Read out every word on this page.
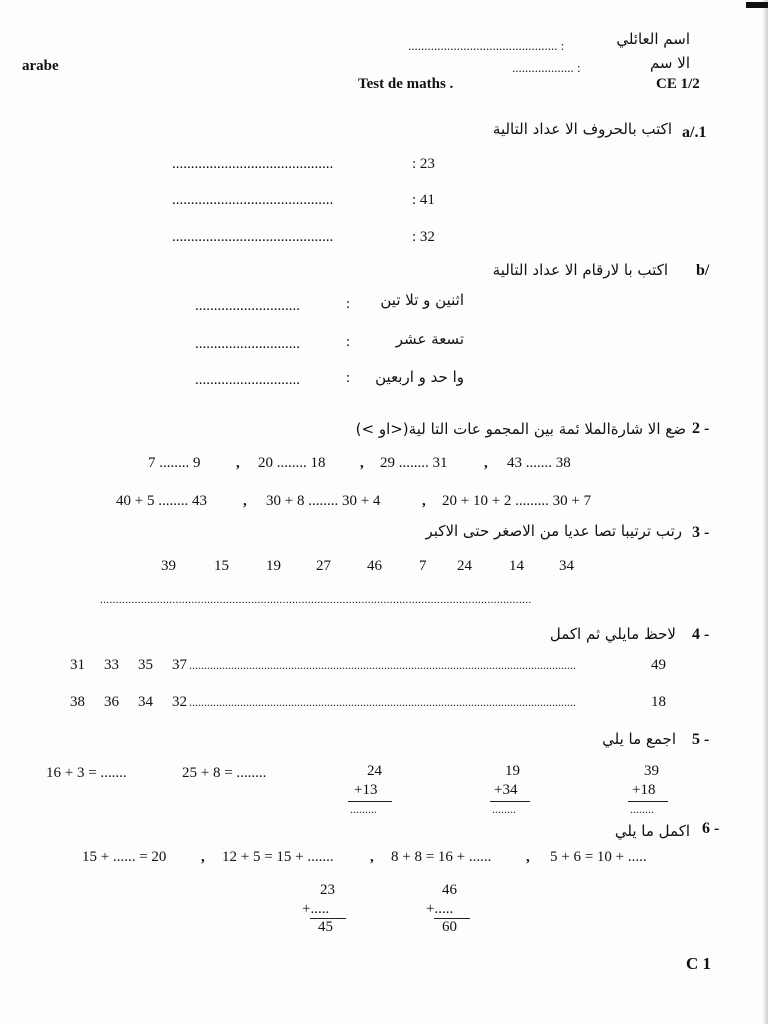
اسم العائلي
.............................................. :
الا سم
................... :
arabe
Test de maths .	CE 1/2
a/.1
اكتب بالحروف الا عداد التالية
...........................................	: 23
...........................................	: 41
...........................................	: 32
b/
اكتب با لارقام الا عداد التالية
............................	: اثنين و تلا تين
............................	:	تسعة عشر
............................	: وا حد و اربعين
2 -
ضع الا شارةالملا ئمة بين المجمو عات التا لية(<او >)
7 ........ 9 , 20 ........ 18 , 29 ........ 31 , 43 ....... 38
40 + 5 ........ 43 , 30 + 8 ........ 30 + 4	, 20 + 10 + 2 ......... 30 + 7
3 -
رتب ترتيبا تصا عديا من الاصغر حتى الاكبر
39	15 19 27 46 7 24 14 34
.........................................................................................................................................
4 -
لاحظ مايلي ثم اكمل
31 33 35 37 .................................................................................................................................	49
38 36 34 32 .................................................................................................................................	18
5 -
اجمع ما يلي
16 + 3 = .......	25 + 8 = ........	24
+13
.........
19
+34
........
39
+18
........
6 -
اكمل ما يلي
15 + ...... = 20 , 12 + 5 = 15 + ....... , 8 + 8 = 16 + ...... , 5 + 6 = 10 + .....
23
+.....
45
46
+.....
60
C 1
